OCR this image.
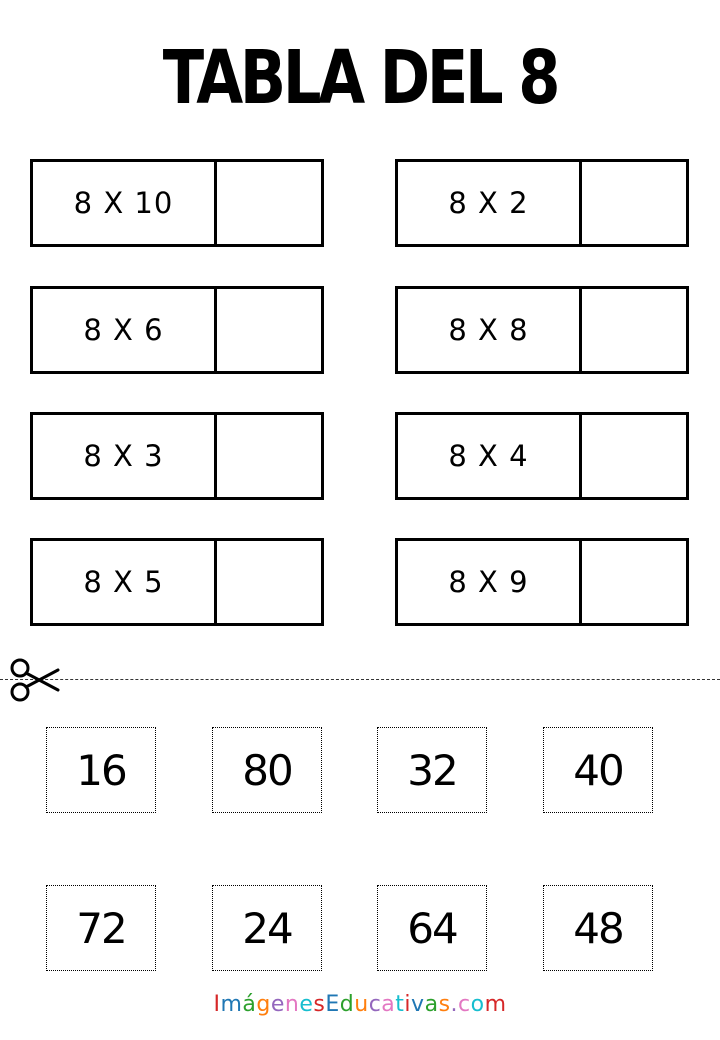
TABLA DEL 8
8 X 10	8 X 2
8 X 6	8 X 8
8 X 3	8 X 4
8 X 5	8 X 9
16	80	32	40
72	24	64	48
ImágenesEducativas.com
